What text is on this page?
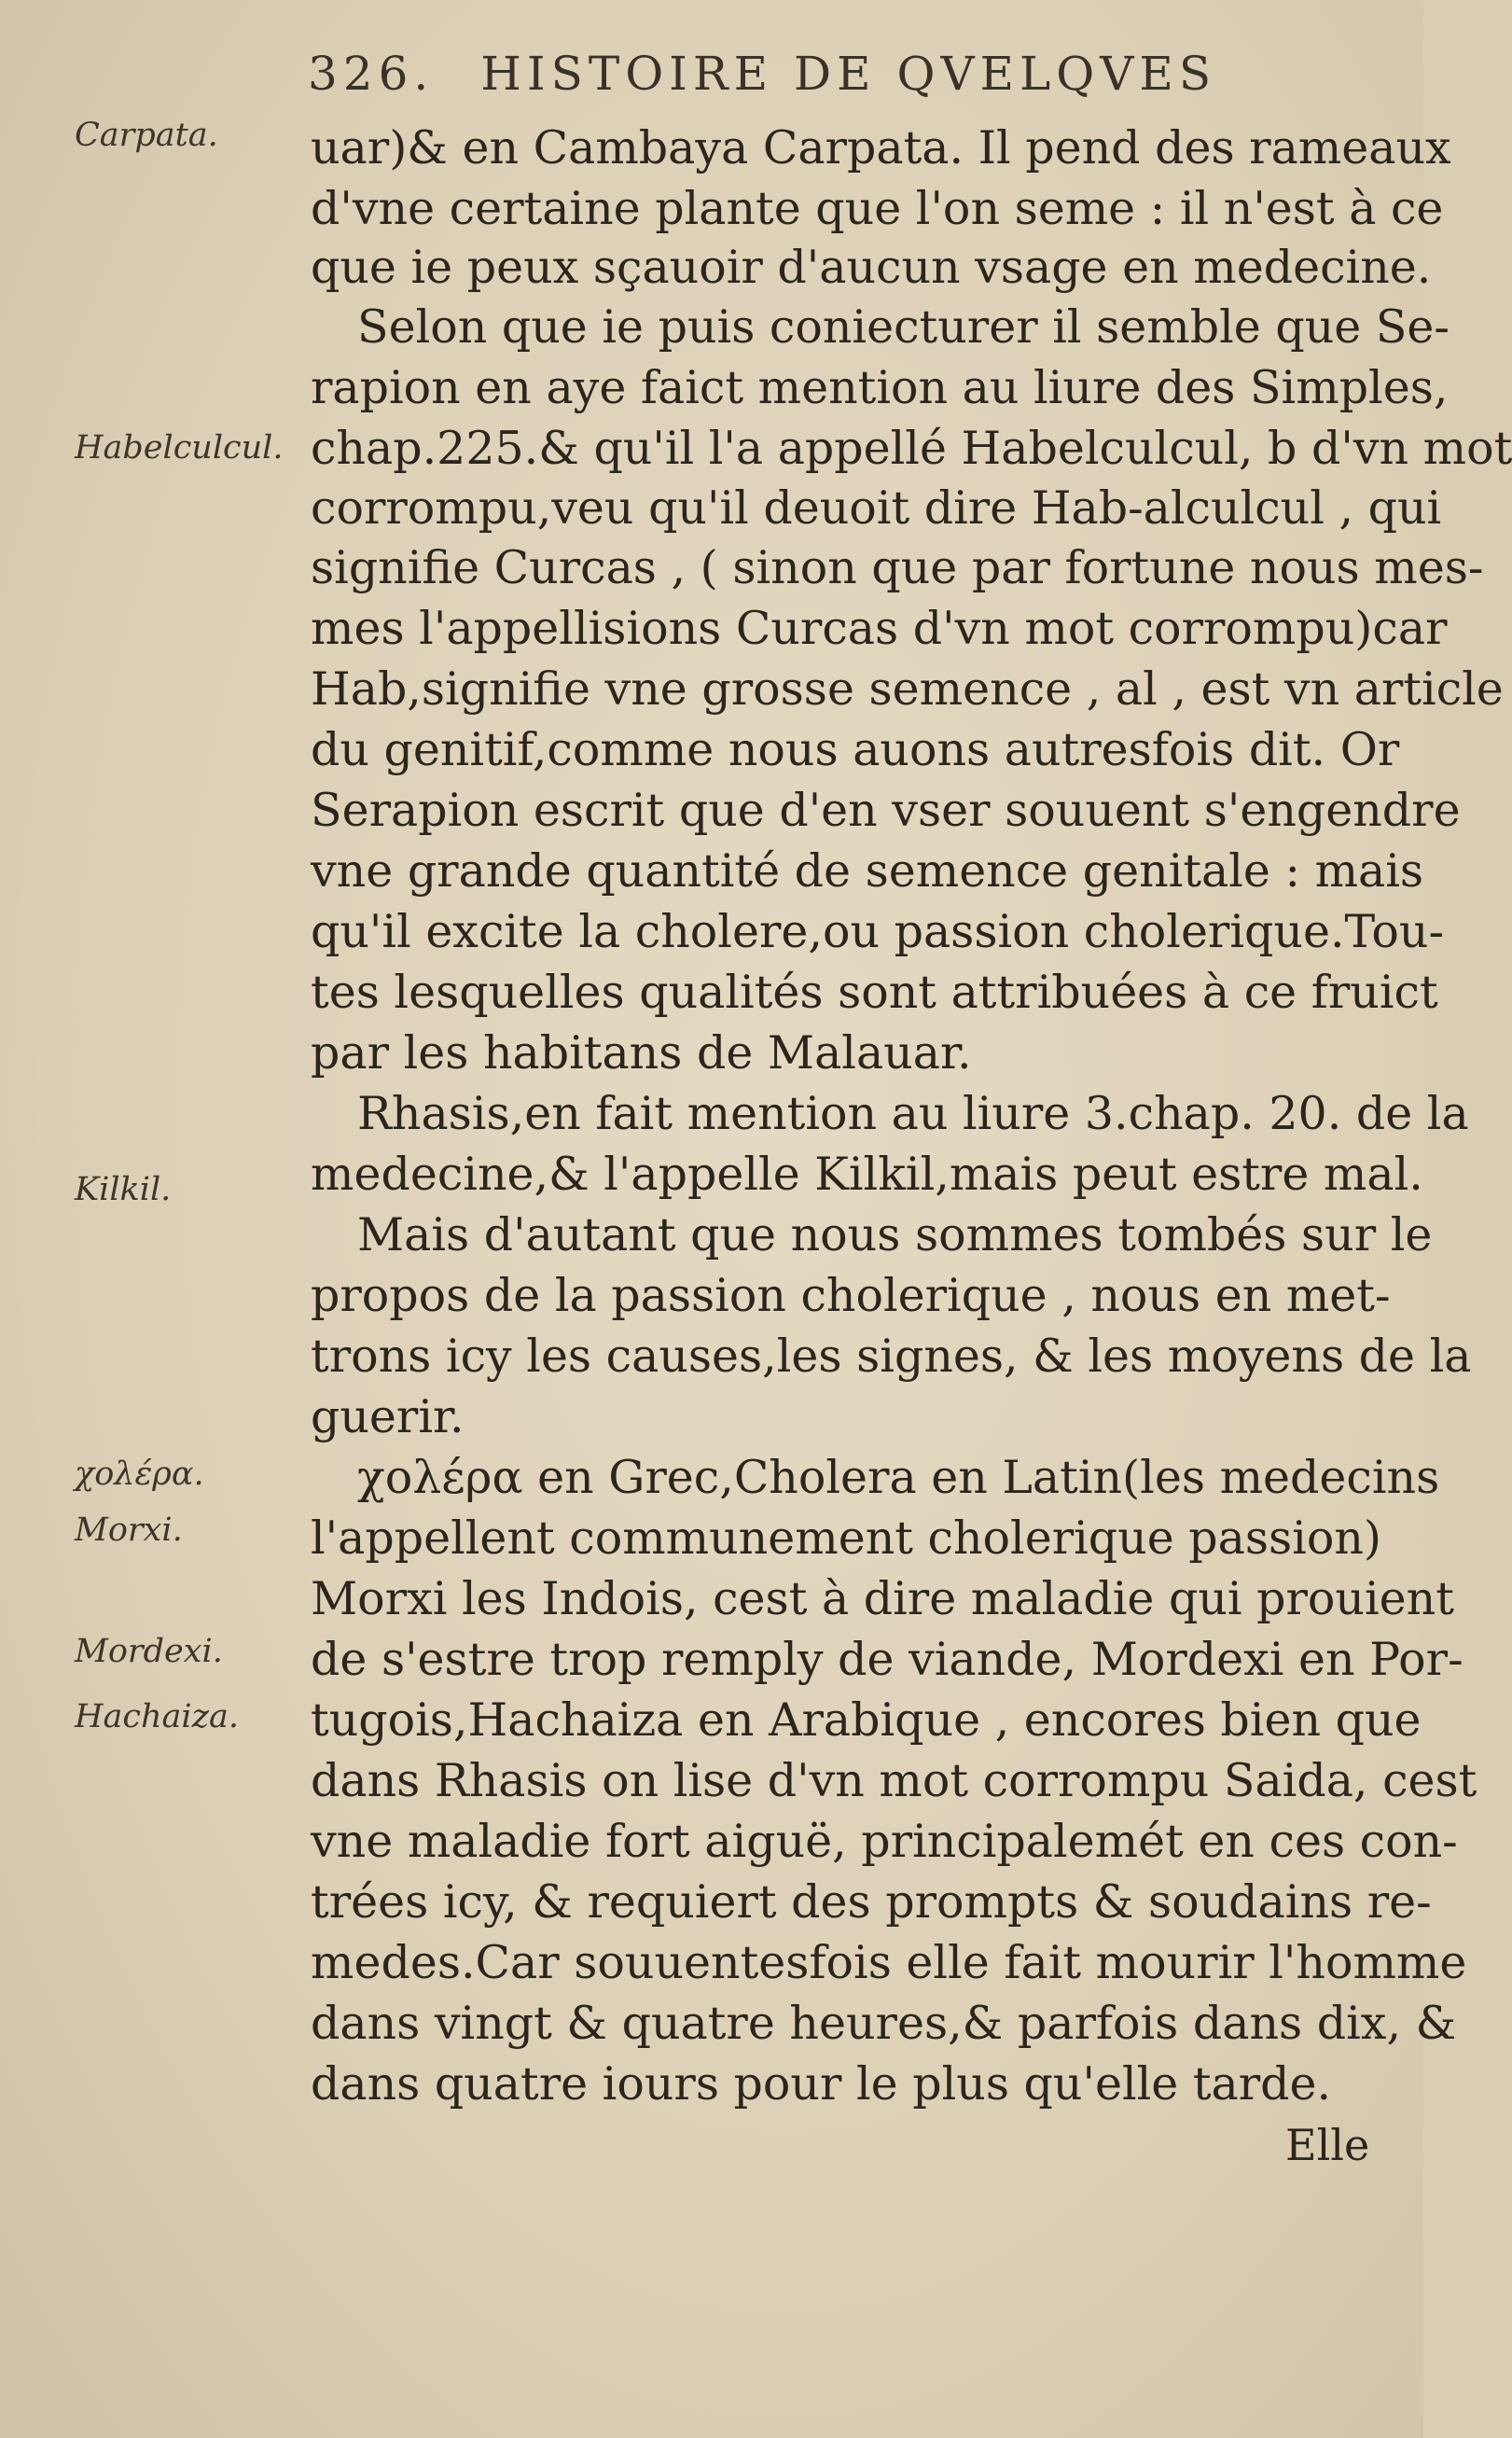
326. HISTOIRE DE QVELQVES
Carpata.
Habelculcul.
Kilkil.
χολέρα.
Morxi.
Mordexi.
Hachaiza.
uar)& en Cambaya Carpata. Il pend des rameaux
d'vne certaine plante que l'on seme : il n'est à ce
que ie peux sçauoir d'aucun vsage en medecine.
Selon que ie puis coniecturer il semble que Se-
rapion en aye faict mention au liure des Simples,
chap.225.& qu'il l'a appellé Habelculcul, b d'vn mot
corrompu,veu qu'il deuoit dire Hab-alculcul , qui
signifie Curcas , ( sinon que par fortune nous mes-
mes l'appellisions Curcas d'vn mot corrompu)car
Hab,signifie vne grosse semence , al , est vn article
du genitif,comme nous auons autresfois dit. Or
Serapion escrit que d'en vser souuent s'engendre
vne grande quantité de semence genitale : mais
qu'il excite la cholere,ou passion cholerique.Tou-
tes lesquelles qualités sont attribuées à ce fruict
par les habitans de Malauar.
Rhasis,en fait mention au liure 3.chap. 20. de la
medecine,& l'appelle Kilkil,mais peut estre mal.
Mais d'autant que nous sommes tombés sur le
propos de la passion cholerique , nous en met-
trons icy les causes,les signes, & les moyens de la
guerir.
χολέρα en Grec,Cholera en Latin(les medecins
l'appellent communement cholerique passion)
Morxi les Indois, cest à dire maladie qui prouient
de s'estre trop remply de viande, Mordexi en Por-
tugois,Hachaiza en Arabique , encores bien que
dans Rhasis on lise d'vn mot corrompu Saida, cest
vne maladie fort aiguë, principalemét en ces con-
trées icy, & requiert des prompts & soudains re-
medes.Car souuentesfois elle fait mourir l'homme
dans vingt & quatre heures,& parfois dans dix, &
dans quatre iours pour le plus qu'elle tarde.
Elle
